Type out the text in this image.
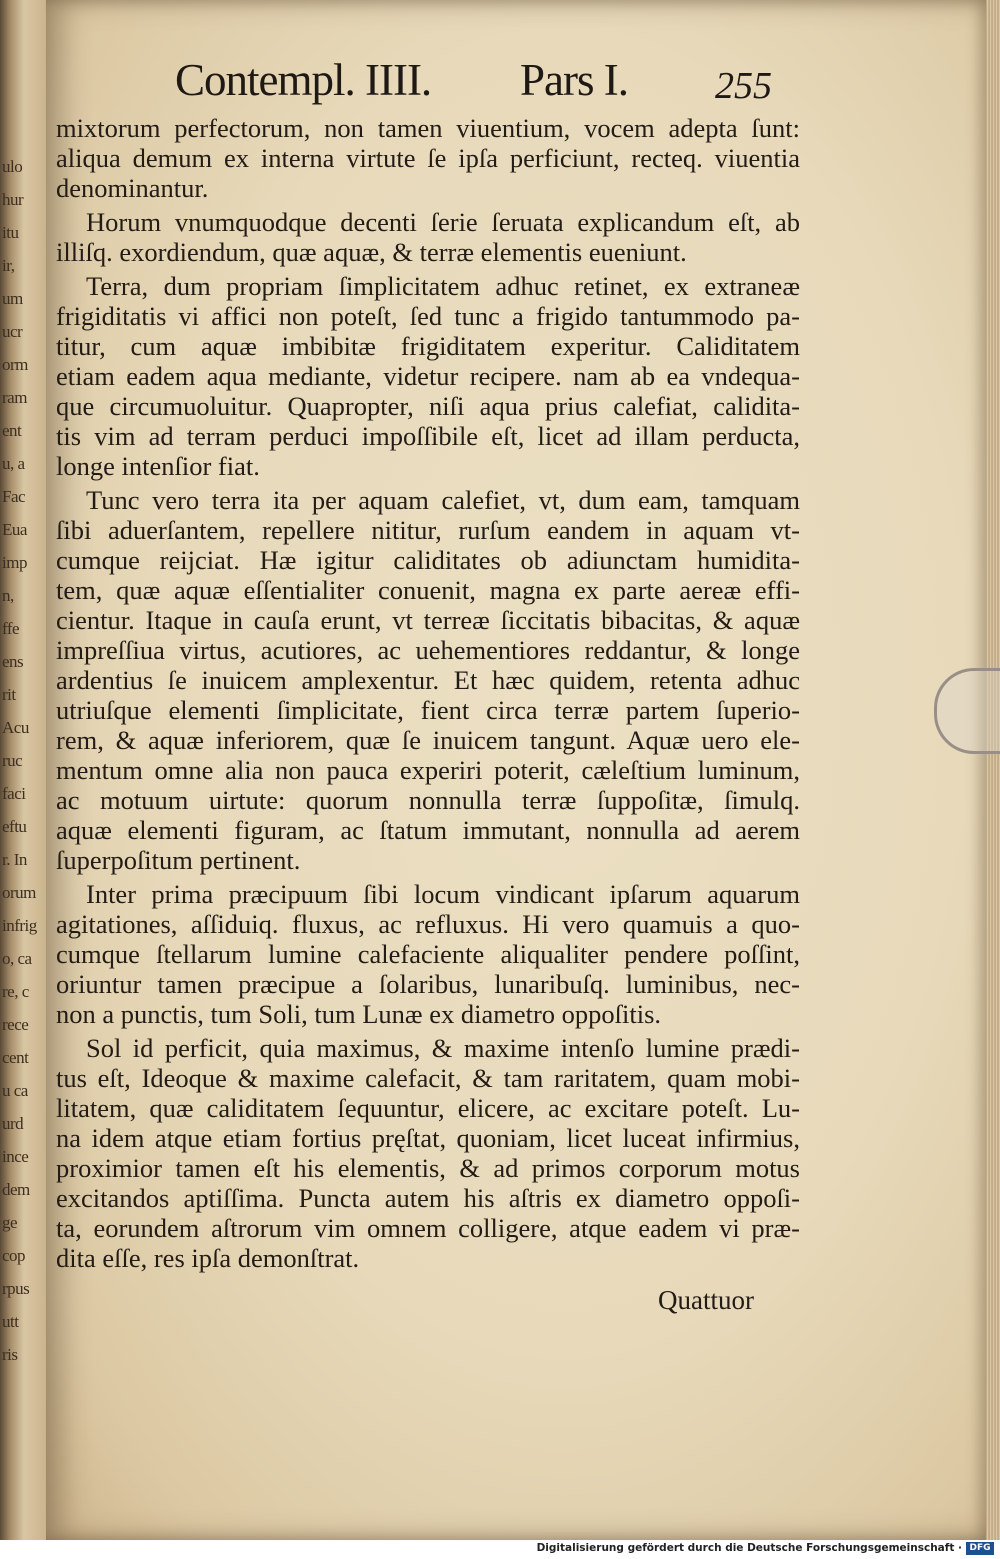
ulo
hur
itu
ir,
um
ucr
orm
ram
ent
u, a
Fac
Eua
imp
n,
ffe
ens
rit
Acu
ruc
faci
eftu
r. In
orum
infrig
o, ca
re, c
rece
cent
u ca
urd
ince
dem
ge
cop
rpus
utt
ris
Contempl. IIII. Pars I. 255
mixtorum perfectorum, non tamen viuentium, vocem adepta ſunt:
aliqua demum ex interna virtute ſe ipſa perficiunt, recteq. viuentia
denominantur.
Horum vnumquodque decenti ſerie ſeruata explicandum eſt, ab
illiſq. exordiendum, quæ aquæ, & terræ elementis eueniunt.
Terra, dum propriam ſimplicitatem adhuc retinet, ex extraneæ
frigiditatis vi affici non poteſt, ſed tunc a frigido tantummodo pa-
titur, cum aquæ imbibitæ frigiditatem experitur. Caliditatem
etiam eadem aqua mediante, videtur recipere. nam ab ea vndequa-
que circumuoluitur. Quapropter, niſi aqua prius calefiat, calidita-
tis vim ad terram perduci impoſſibile eſt, licet ad illam perducta,
longe intenſior fiat.
Tunc vero terra ita per aquam calefiet, vt, dum eam, tamquam
ſibi aduerſantem, repellere nititur, rurſum eandem in aquam vt-
cumque reijciat. Hæ igitur caliditates ob adiunctam humidita-
tem, quæ aquæ eſſentialiter conuenit, magna ex parte aereæ effi-
cientur. Itaque in cauſa erunt, vt terreæ ſiccitatis bibacitas, & aquæ
impreſſiua virtus, acutiores, ac uehementiores reddantur, & longe
ardentius ſe inuicem amplexentur. Et hæc quidem, retenta adhuc
utriuſque elementi ſimplicitate, fient circa terræ partem ſuperio-
rem, & aquæ inferiorem, quæ ſe inuicem tangunt. Aquæ uero ele-
mentum omne alia non pauca experiri poterit, cæleſtium luminum,
ac motuum uirtute: quorum nonnulla terræ ſuppoſitæ, ſimulq.
aquæ elementi figuram, ac ſtatum immutant, nonnulla ad aerem
ſuperpoſitum pertinent.
Inter prima præcipuum ſibi locum vindicant ipſarum aquarum
agitationes, aſſiduiq. fluxus, ac refluxus. Hi vero quamuis a quo-
cumque ſtellarum lumine calefaciente aliqualiter pendere poſſint,
oriuntur tamen præcipue a ſolaribus, lunaribuſq. luminibus, nec-
non a punctis, tum Soli, tum Lunæ ex diametro oppoſitis.
Sol id perficit, quia maximus, & maxime intenſo lumine prædi-
tus eſt, Ideoque & maxime calefacit, & tam raritatem, quam mobi-
litatem, quæ caliditatem ſequuntur, elicere, ac excitare poteſt. Lu-
na idem atque etiam fortius pręſtat, quoniam, licet luceat infirmius,
proximior tamen eſt his elementis, & ad primos corporum motus
excitandos aptiſſima. Puncta autem his aſtris ex diametro oppoſi-
ta, eorundem aſtrorum vim omnem colligere, atque eadem vi præ-
dita eſſe, res ipſa demonſtrat.
Quattuor
Digitalisierung gefördert durch die Deutsche Forschungsgemeinschaft · DFG
